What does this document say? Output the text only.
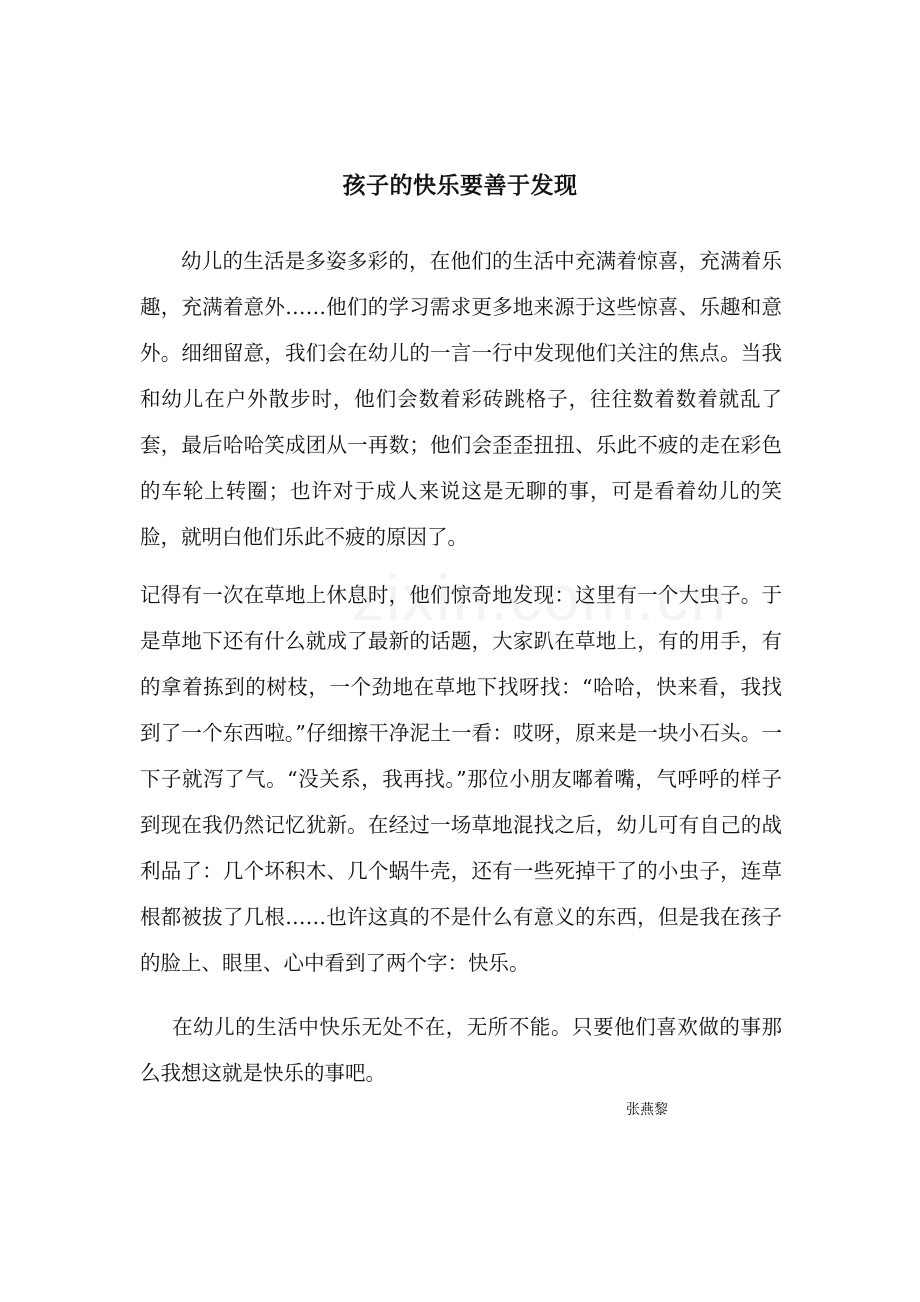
孩子的快乐要善于发现

幼儿的生活是多姿多彩的，在他们的生活中充满着惊喜，充满着乐趣，充满着意外……他们的学习需求更多地来源于这些惊喜、乐趣和意外。细细留意，我们会在幼儿的一言一行中发现他们关注的焦点。当我和幼儿在户外散步时，他们会数着彩砖跳格子，往往数着数着就乱了套，最后哈哈笑成团从一再数；他们会歪歪扭扭、乐此不疲的走在彩色的车轮上转圈；也许对于成人来说这是无聊的事，可是看着幼儿的笑脸，就明白他们乐此不疲的原因了。

记得有一次在草地上休息时，他们惊奇地发现：这里有一个大虫子。于是草地下还有什么就成了最新的话题，大家趴在草地上，有的用手，有的拿着拣到的树枝，一个劲地在草地下找呀找：“哈哈，快来看，我找到了一个东西啦。”仔细擦干净泥土一看：哎呀，原来是一块小石头。一下子就泻了气。“没关系，我再找。”那位小朋友嘟着嘴，气呼呼的样子到现在我仍然记忆犹新。在经过一场草地混找之后，幼儿可有自己的战利品了：几个坏积木、几个蜗牛壳，还有一些死掉干了的小虫子，连草根都被拔了几根……也许这真的不是什么有意义的东西，但是我在孩子的脸上、眼里、心中看到了两个字：快乐。

在幼儿的生活中快乐无处不在，无所不能。只要他们喜欢做的事那么我想这就是快乐的事吧。

张燕黎
